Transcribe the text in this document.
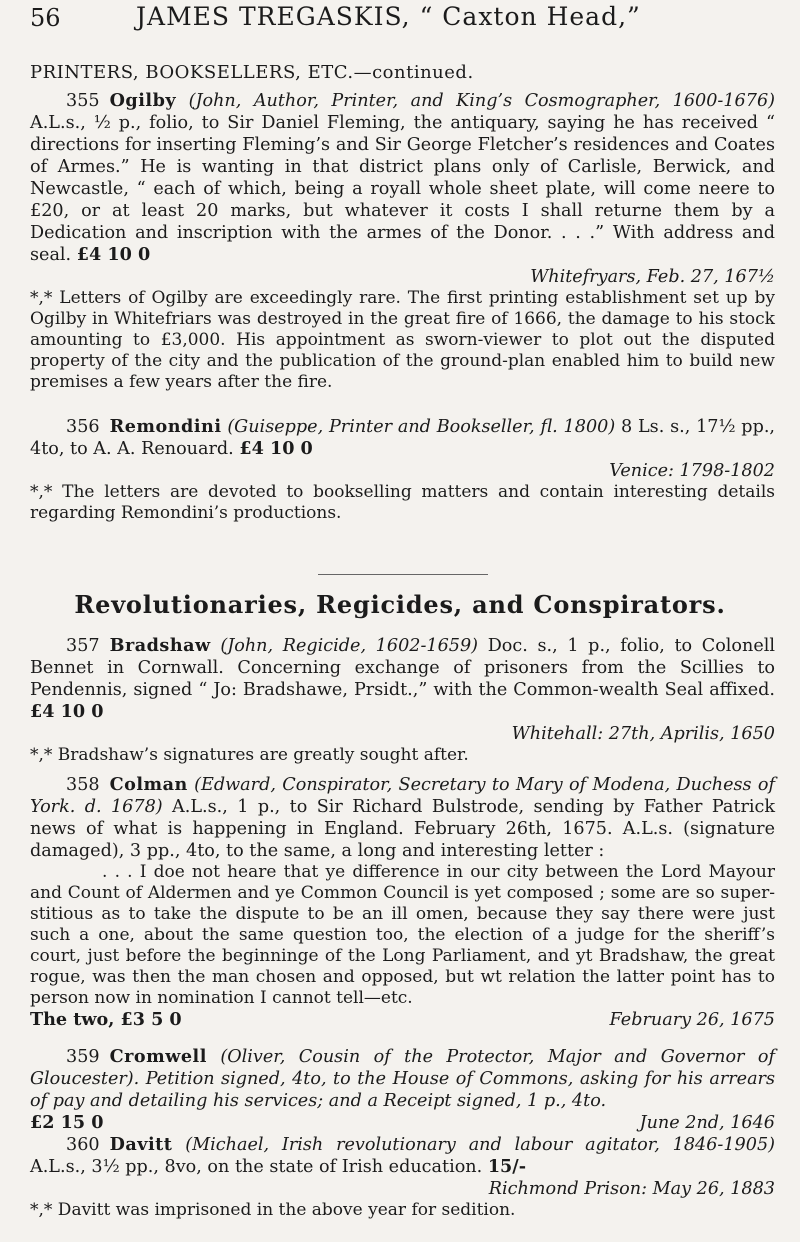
56	JAMES TREGASKIS, “ Caxton Head,”
PRINTERS, BOOKSELLERS, ETC.—continued.

355 Ogilby (John, Author, Printer, and King’s Cosmographer, 1600-1676) A.L.s., ½ p., folio, to Sir Daniel Fleming, the antiquary, saying he has received “ directions for inserting Fleming’s and Sir George Fletcher’s residences and Coates of Armes.” He is wanting in that district plans only of Carlisle, Berwick, and Newcastle, “ each of which, being a royall whole sheet plate, will come neere to £20, or at least 20 marks, but whatever it costs I shall returne them by a Dedication and inscription with the armes of the Donor. . . .” With address and seal. £4 10 0

Whitefryars, Feb. 27, 167½

*,* Letters of Ogilby are exceedingly rare. The first printing establishment set up by Ogilby in Whitefriars was destroyed in the great fire of 1666, the damage to his stock amounting to £3,000. His appointment as sworn-viewer to plot out the disputed property of the city and the publication of the ground-plan enabled him to build new premises a few years after the fire.

356 Remondini (Guiseppe, Printer and Bookseller, fl. 1800) 8 Ls. s., 17½ pp., 4to, to A. A. Renouard. £4 10 0

Venice: 1798-1802

*,* The letters are devoted to bookselling matters and contain interesting details regarding Remondini’s productions.

Revolutionaries, Regicides, and Conspirators.

357 Bradshaw (John, Regicide, 1602-1659) Doc. s., 1 p., folio, to Colonell Bennet in Cornwall. Concerning exchange of prisoners from the Scillies to Pendennis, signed “ Jo: Bradshawe, Prsidt.,” with the Common-wealth Seal affixed. £4 10 0

Whitehall: 27th, Aprilis, 1650

*,* Bradshaw’s signatures are greatly sought after.

358 Colman (Edward, Conspirator, Secretary to Mary of Modena, Duchess of York. d. 1678) A.L.s., 1 p., to Sir Richard Bulstrode, sending by Father Patrick news of what is happening in England. February 26th, 1675. A.L.s. (signature damaged), 3 pp., 4to, to the same, a long and interesting letter :

. . . I doe not heare that ye difference in our city between the Lord Mayour and Count of Aldermen and ye Common Council is yet composed ; some are so super-stitious as to take the dispute to be an ill omen, because they say there were just such a one, about the same question too, the election of a judge for the sheriff’s court, just before the beginninge of the Long Parliament, and yt Bradshaw, the great rogue, was then the man chosen and opposed, but wt relation the latter point has to person now in nomination I cannot tell—etc.

The two, £3 5 0	February 26, 1675

359 Cromwell (Oliver, Cousin of the Protector, Major and Governor of Gloucester). Petition signed, 4to, to the House of Commons, asking for his arrears of pay and detailing his services; and a Receipt signed, 1 p., 4to.

£2 15 0	June 2nd, 1646

360 Davitt (Michael, Irish revolutionary and labour agitator, 1846-1905) A.L.s., 3½ pp., 8vo, on the state of Irish education. 15/-

Richmond Prison: May 26, 1883

*,* Davitt was imprisoned in the above year for sedition.
